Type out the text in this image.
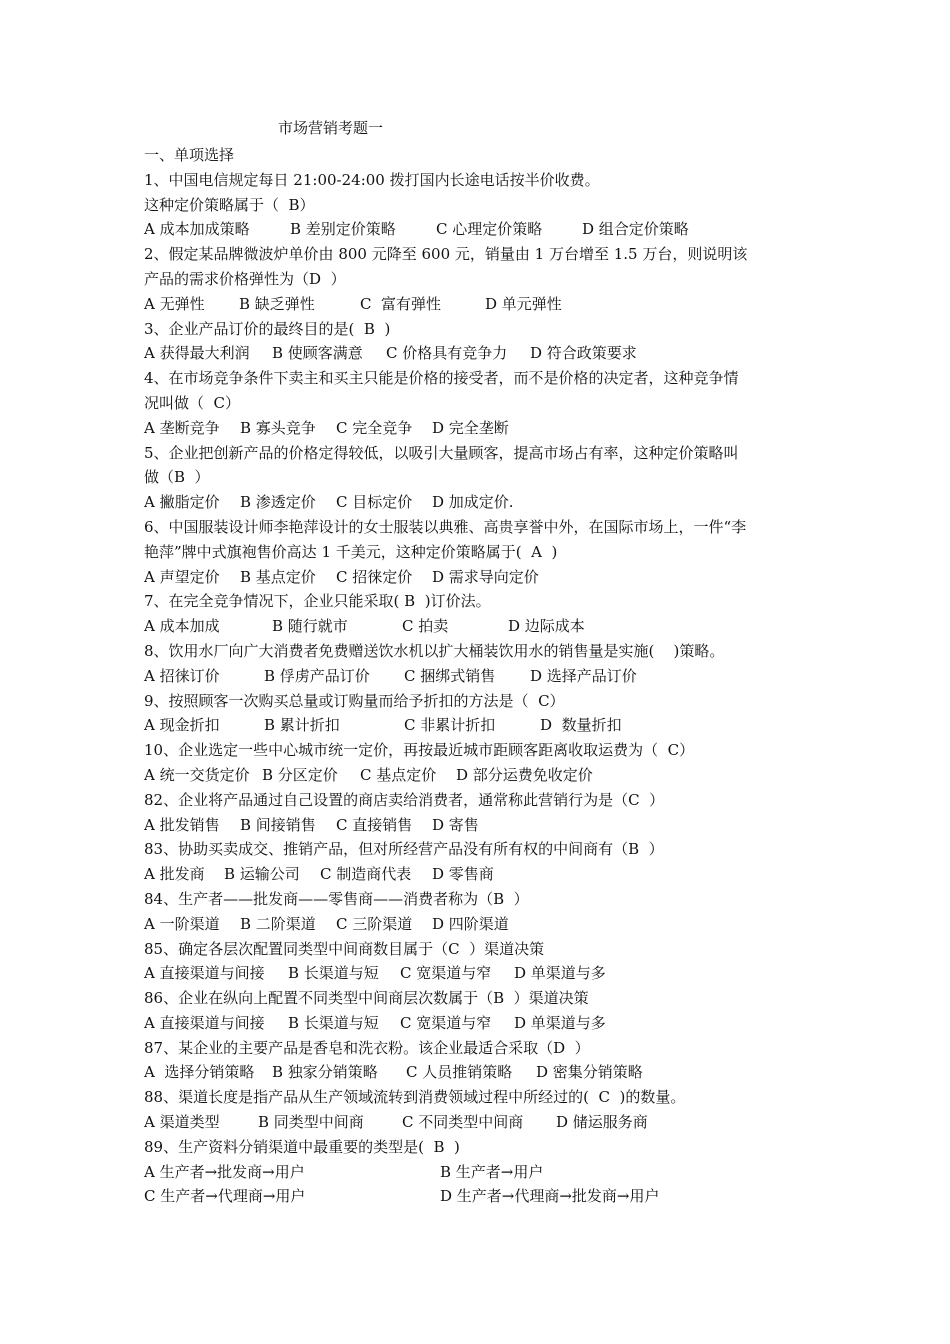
市场营销考题一
一、单项选择
1、中国电信规定每日 21:00-24:00 拨打国内长途电话按半价收费。
这种定价策略属于（  B）
A 成本加成策略	B 差别定价策略	C 心理定价策略	D 组合定价策略
2、假定某品牌微波炉单价由 800 元降至 600 元，销量由 1 万台增至 1.5 万台，则说明该
产品的需求价格弹性为（D  ）
A 无弹性 B 缺乏弹性	C  富有弹性	D 单元弹性
3、企业产品订价的最终目的是(  B  )
A 获得最大利润 B 使顾客满意 C 价格具有竞争力 D 符合政策要求
4、在市场竞争条件下卖主和买主只能是价格的接受者，而不是价格的决定者，这种竞争情
况叫做（  C）
A 垄断竞争 B 寡头竞争 C 完全竞争 D 完全垄断
5、企业把创新产品的价格定得较低，以吸引大量顾客，提高市场占有率，这种定价策略叫
做（B  ）
A 撇脂定价 B 渗透定价 C 目标定价 D 加成定价.
6、中国服装设计师李艳萍设计的女士服装以典雅、高贵享誉中外，在国际市场上，一件“李
艳萍”牌中式旗袍售价高达 1 千美元，这种定价策略属于(  A  )
A 声望定价 B 基点定价 C 招徕定价 D 需求导向定价
7、在完全竞争情况下，企业只能采取( B  )订价法。
A 成本加成	B 随行就市	C 拍卖	D 边际成本
8、饮用水厂向广大消费者免费赠送饮水机以扩大桶装饮用水的销售量是实施(    )策略。
A 招徕订价	B 俘虏产品订价 C 捆绑式销售 D 选择产品订价
9、按照顾客一次购买总量或订购量而给予折扣的方法是（  C）
A 现金折扣	B 累计折扣	C 非累计折扣	D  数量折扣
10、企业选定一些中心城市统一定价，再按最近城市距顾客距离收取运费为（  C）
A 统一交货定价 B 分区定价 C 基点定价 D 部分运费免收定价
82、企业将产品通过自己设置的商店卖给消费者，通常称此营销行为是（C  ）
A 批发销售 B 间接销售 C 直接销售 D 寄售
83、协助买卖成交、推销产品，但对所经营产品没有所有权的中间商有（B  ）
A 批发商 B 运输公司 C 制造商代表 D 零售商
84、生产者——批发商——零售商——消费者称为（B  ）
A 一阶渠道 B 二阶渠道 C 三阶渠道 D 四阶渠道
85、确定各层次配置同类型中间商数目属于（C  ）渠道决策
A 直接渠道与间接 B 长渠道与短 C 宽渠道与窄 D 单渠道与多
86、企业在纵向上配置不同类型中间商层次数属于（B  ）渠道决策
A 直接渠道与间接 B 长渠道与短 C 宽渠道与窄 D 单渠道与多
87、某企业的主要产品是香皂和洗衣粉。该企业最适合采取（D  ）
A  选择分销策略 B 独家分销策略 C 人员推销策略 D 密集分销策略
88、渠道长度是指产品从生产领域流转到消费领域过程中所经过的(  C  )的数量。
A 渠道类型	B 同类型中间商	C 不同类型中间商 D 储运服务商
89、生产资料分销渠道中最重要的类型是(  B  )
A 生产者→批发商→用户	B 生产者→用户
C 生产者→代理商→用户	D 生产者→代理商→批发商→用户
